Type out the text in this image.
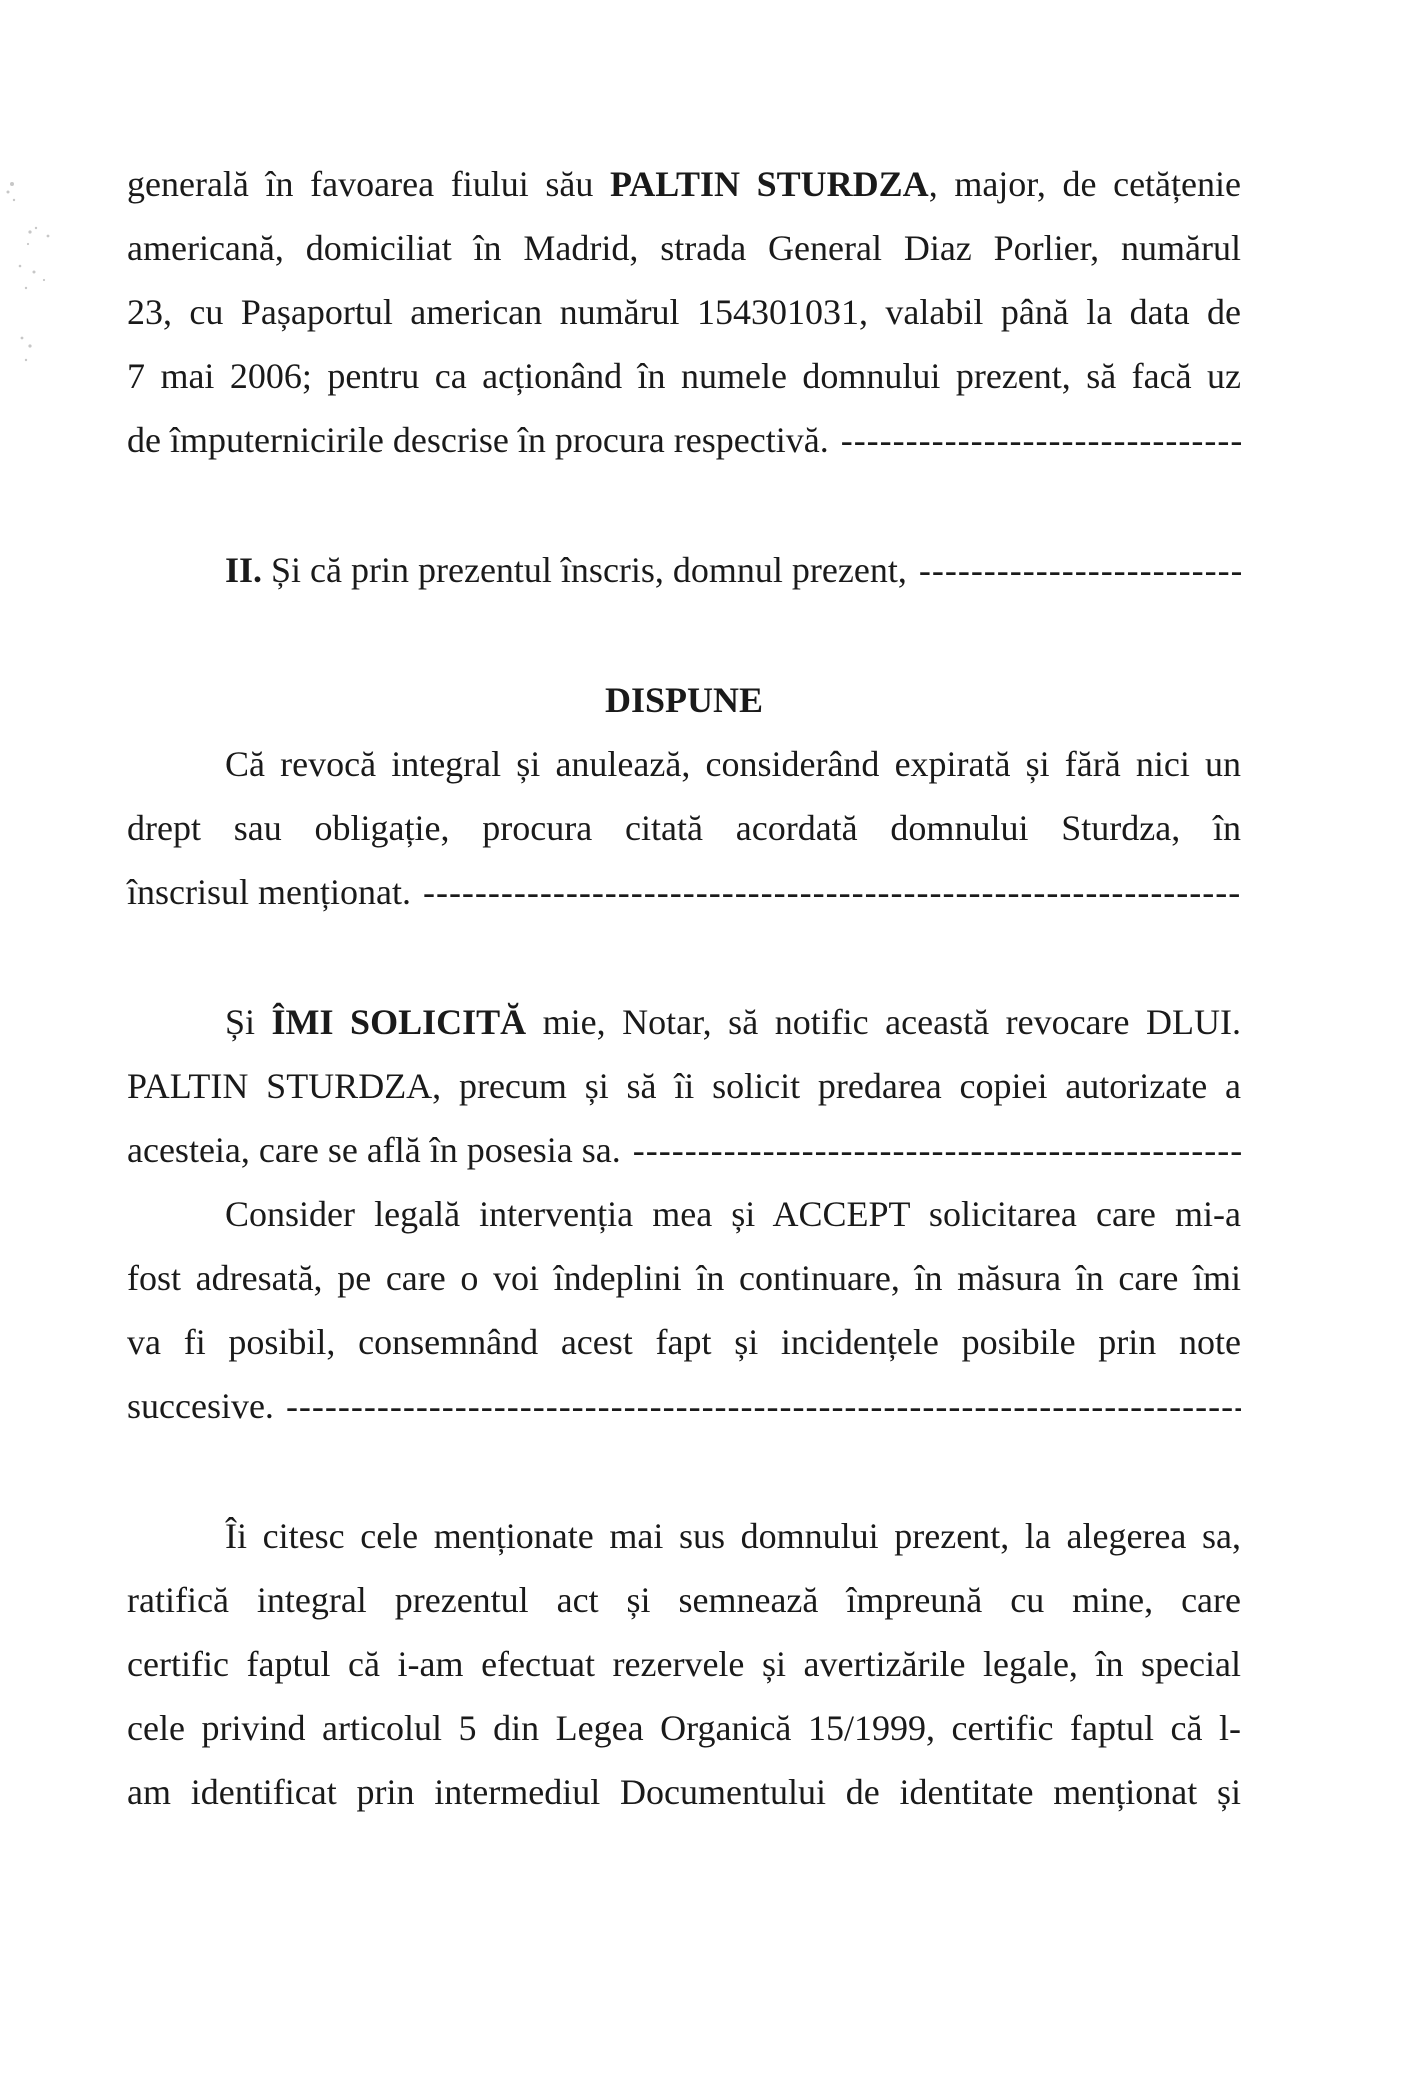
generală în favoarea fiului său PALTIN STURDZA, major, de cetățenie
americană, domiciliat în Madrid, strada General Diaz Porlier, numărul
23, cu Pașaportul american numărul 154301031, valabil până la data de
7 mai 2006; pentru ca acționând în numele domnului prezent, să facă uz
de împuternicirile descrise în procura respectivă.
-----
II. Și că prin prezentul înscris, domnul prezent,
-----
DISPUNE
Că revocă integral și anulează, considerând expirată și fără nici un
drept sau obligație, procura citată acordată domnului Sturdza, în
înscrisul menționat.
-----
Și ÎMI SOLICITĂ mie, Notar, să notific această revocare DLUI.
PALTIN STURDZA, precum și să îi solicit predarea copiei autorizate a
acesteia, care se află în posesia sa.
-----
Consider legală intervenția mea și ACCEPT solicitarea care mi-a
fost adresată, pe care o voi îndeplini în continuare, în măsura în care îmi
va fi posibil, consemnând acest fapt și incidențele posibile prin note
succesive.
-----
Îi citesc cele menționate mai sus domnului prezent, la alegerea sa,
ratifică integral prezentul act și semnează împreună cu mine, care
certific faptul că i-am efectuat rezervele și avertizările legale, în special
cele privind articolul 5 din Legea Organică 15/1999, certific faptul că l-
am identificat prin intermediul Documentului de identitate menționat și
